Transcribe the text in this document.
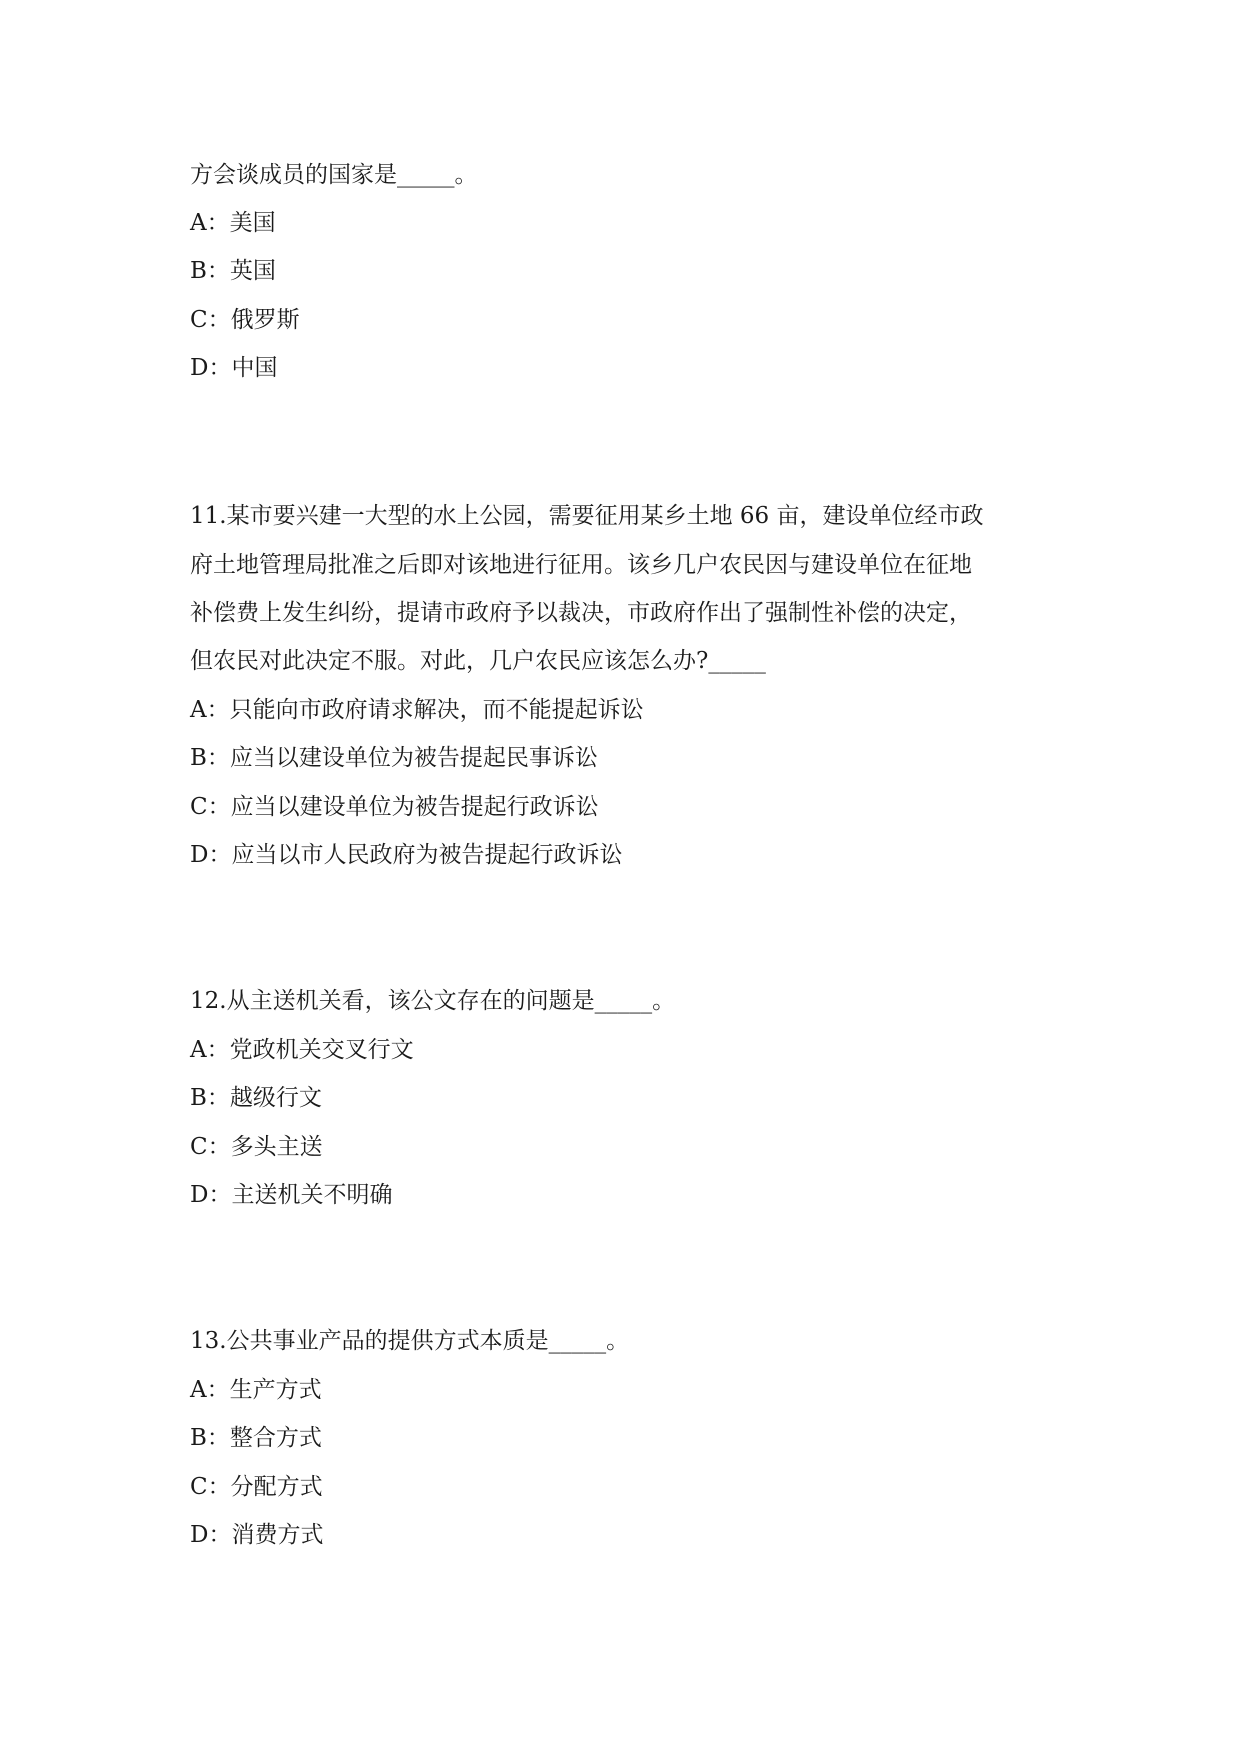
方会谈成员的国家是_____。
A：美国
B：英国
C：俄罗斯
D：中国
11.某市要兴建一大型的水上公园，需要征用某乡土地 66 亩，建设单位经市政
府土地管理局批准之后即对该地进行征用。该乡几户农民因与建设单位在征地
补偿费上发生纠纷，提请市政府予以裁决，市政府作出了强制性补偿的决定，
但农民对此决定不服。对此，几户农民应该怎么办?_____
A：只能向市政府请求解决，而不能提起诉讼
B：应当以建设单位为被告提起民事诉讼
C：应当以建设单位为被告提起行政诉讼
D：应当以市人民政府为被告提起行政诉讼
12.从主送机关看，该公文存在的问题是_____。
A：党政机关交叉行文
B：越级行文
C：多头主送
D：主送机关不明确
13.公共事业产品的提供方式本质是_____。
A：生产方式
B：整合方式
C：分配方式
D：消费方式
